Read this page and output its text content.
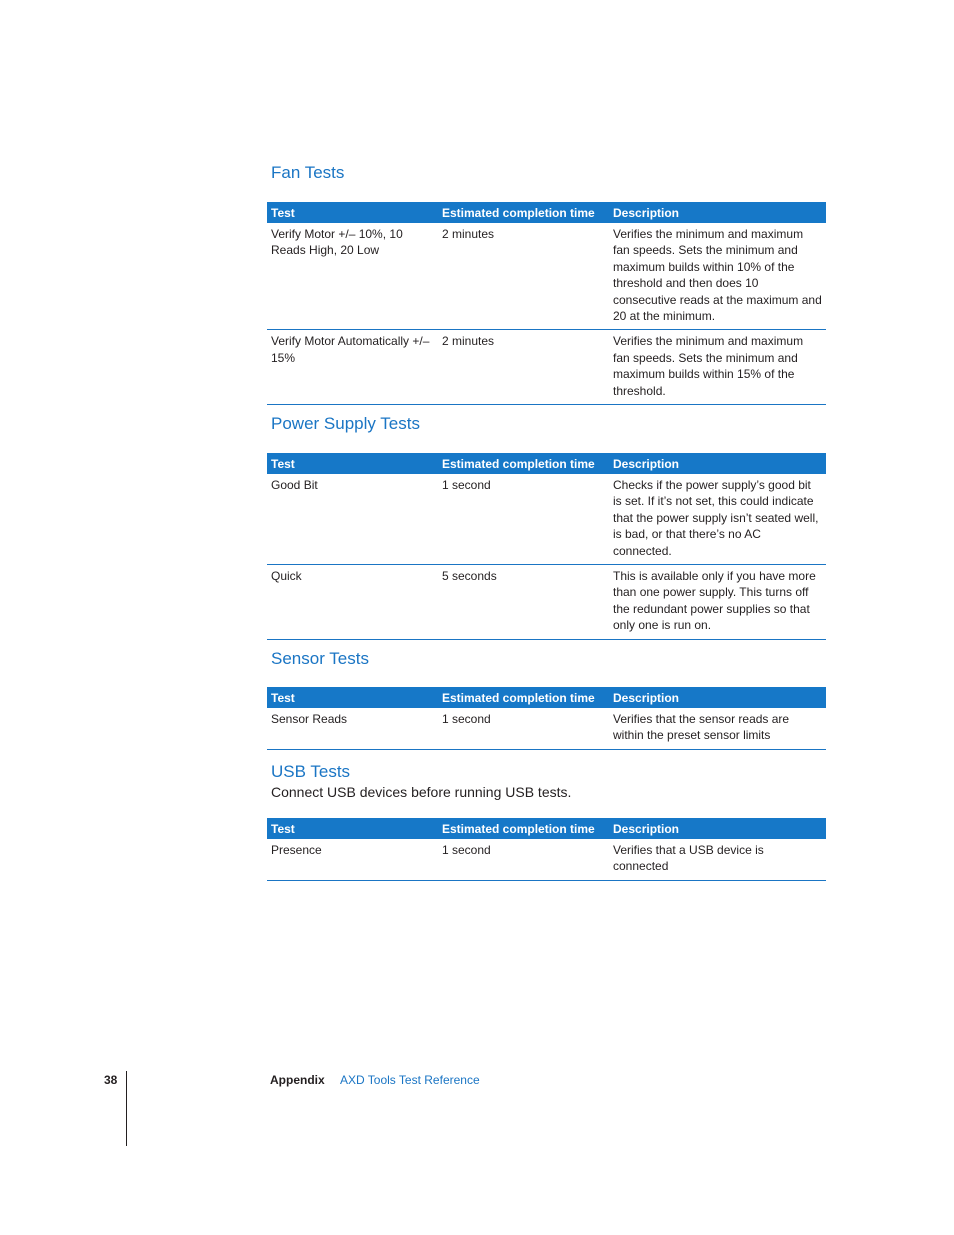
Fan Tests
Test	Estimated completion time	Description
Verify Motor +/– 10%, 10 Reads High, 20 Low	2 minutes	Verifies the minimum and maximum fan speeds. Sets the minimum and maximum builds within 10% of the threshold and then does 10 consecutive reads at the maximum and 20 at the minimum.
Verify Motor Automatically +/– 15%	2 minutes	Verifies the minimum and maximum fan speeds. Sets the minimum and maximum builds within 15% of the threshold.
Power Supply Tests
Test	Estimated completion time	Description
Good Bit	1 second	Checks if the power supply’s good bit is set. If it’s not set, this could indicate that the power supply isn’t seated well, is bad, or that there’s no AC connected.
Quick	5 seconds	This is available only if you have more than one power supply. This turns off the redundant power supplies so that only one is run on.
Sensor Tests
Test	Estimated completion time	Description
Sensor Reads	1 second	Verifies that the sensor reads are within the preset sensor limits
USB Tests
Connect USB devices before running USB tests.
Test	Estimated completion time	Description
Presence	1 second	Verifies that a USB device is connected
38	Appendix AXD Tools Test Reference
